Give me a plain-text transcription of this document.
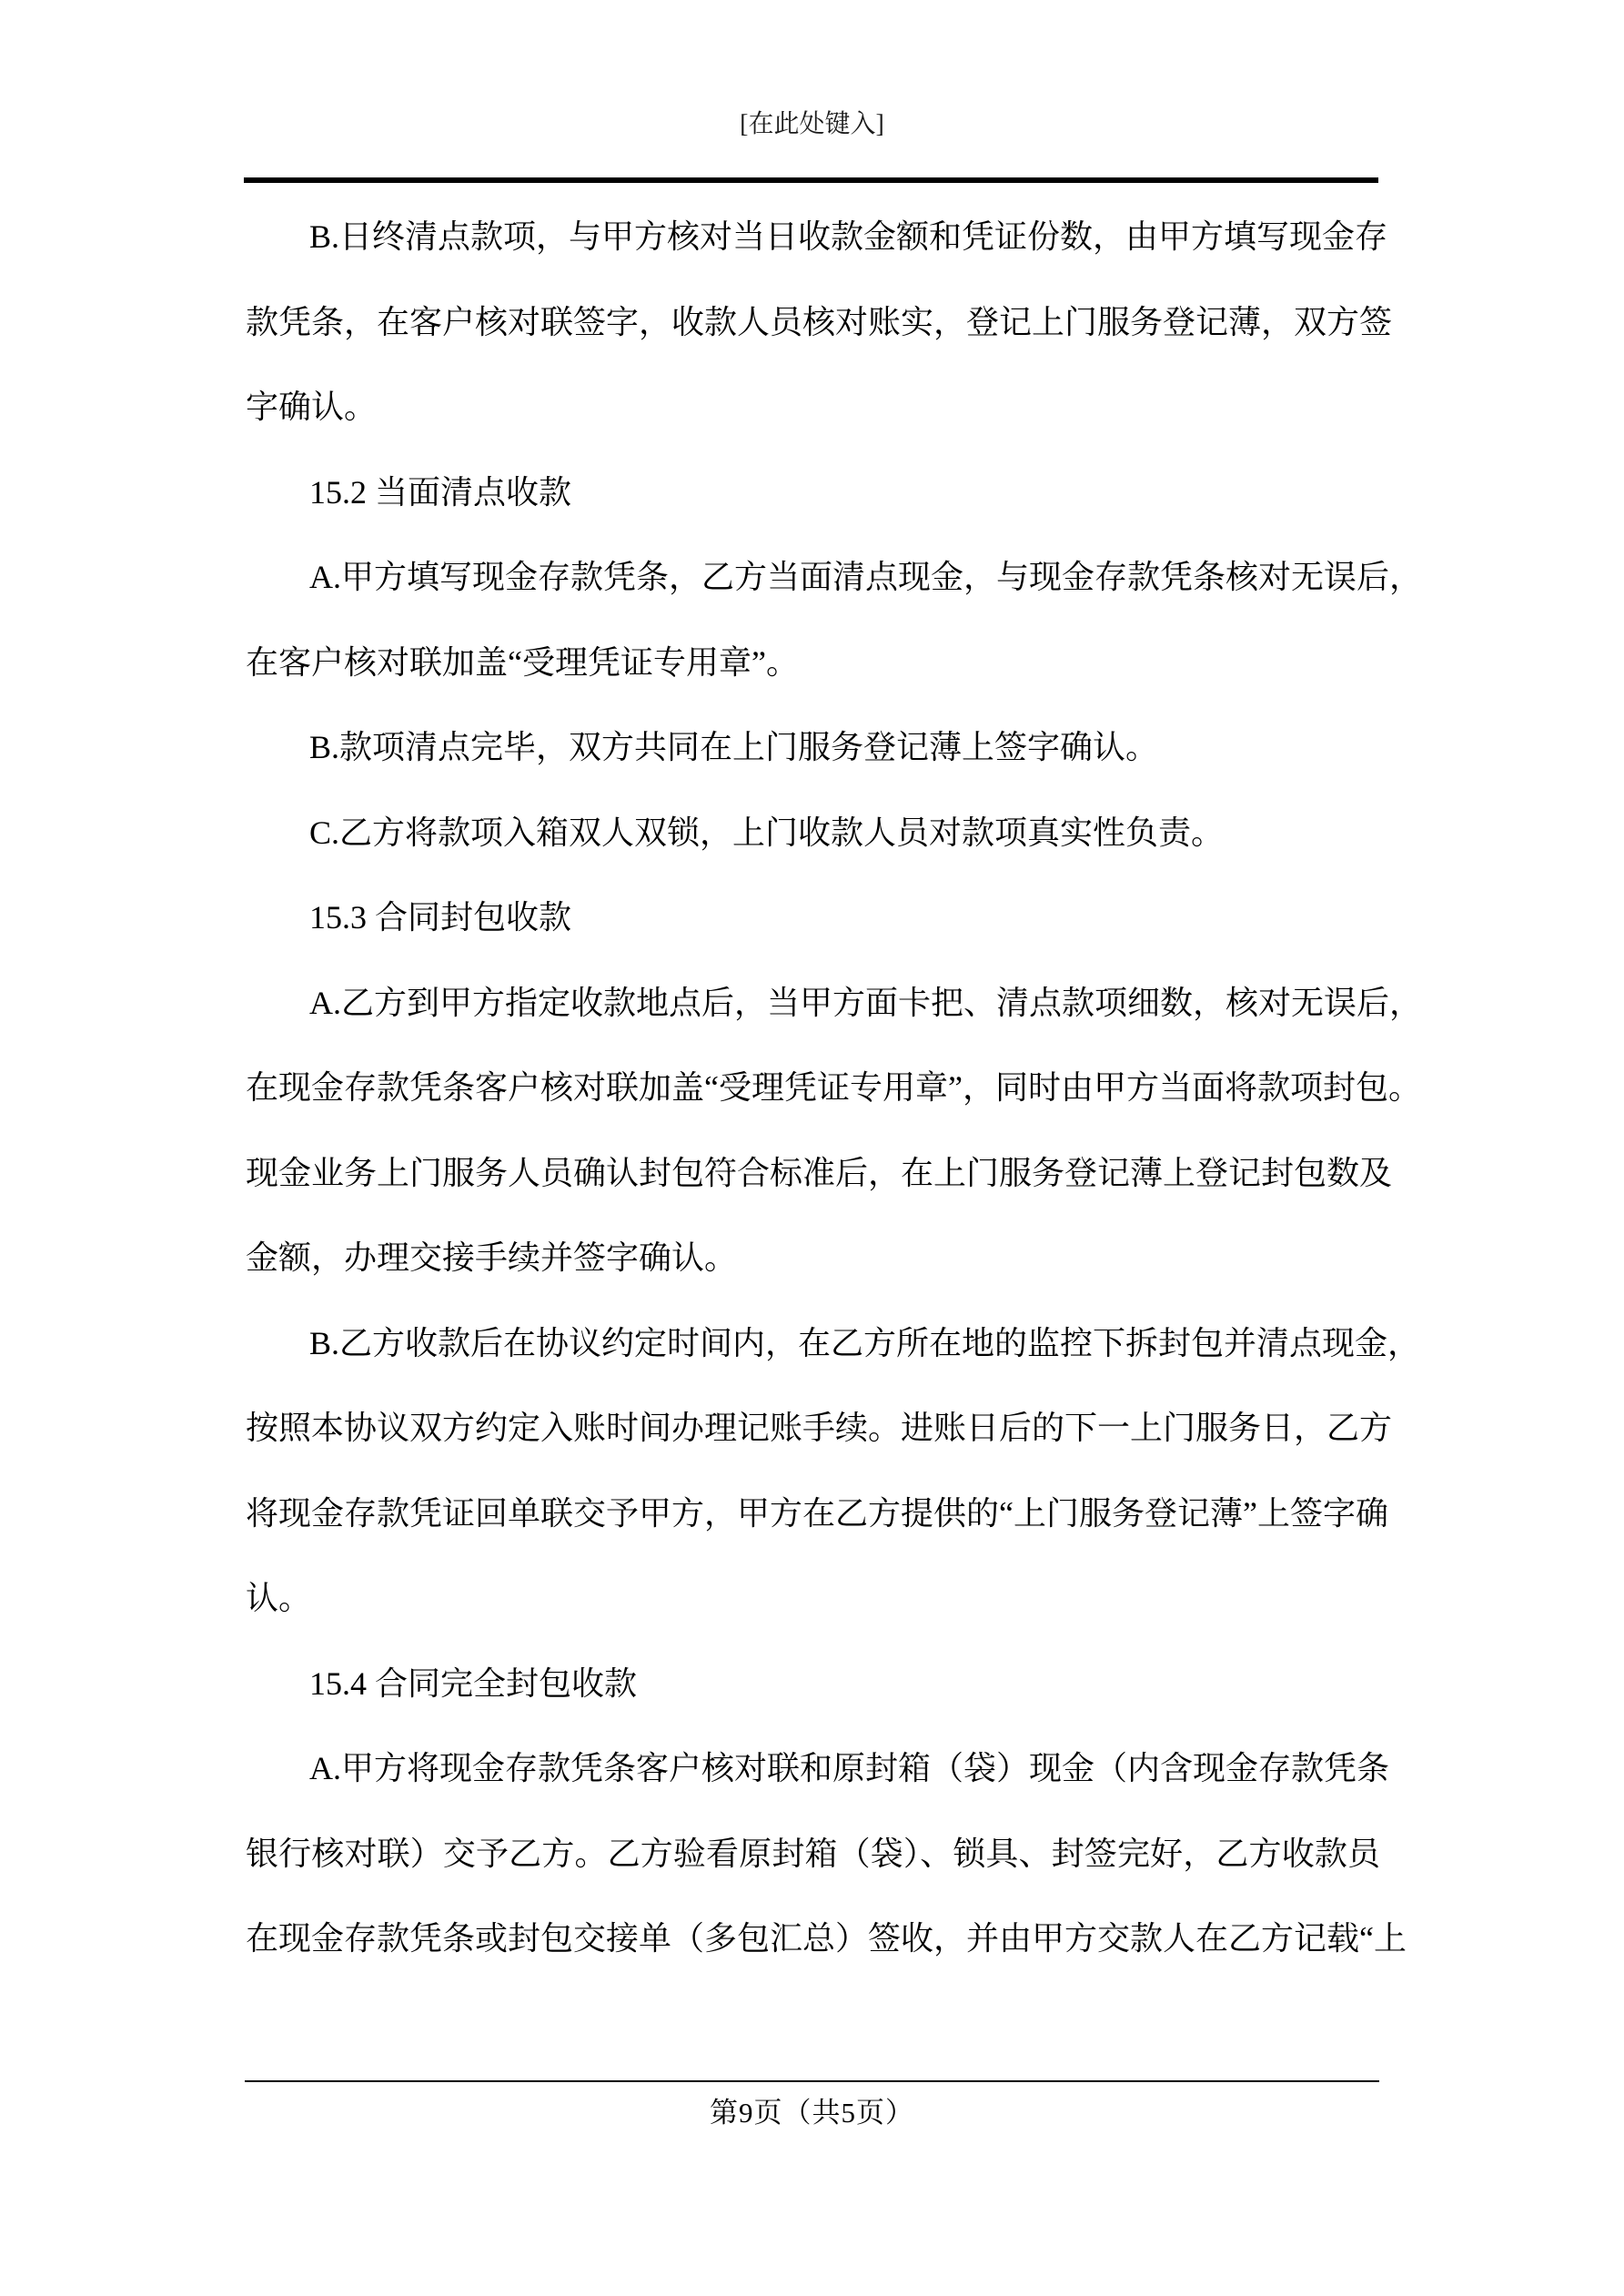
[在此处键入]
B.日终清点款项，与甲方核对当日收款金额和凭证份数，由甲方填写现金存
款凭条，在客户核对联签字，收款人员核对账实，登记上门服务登记薄，双方签
字确认。
15.2 当面清点收款
A.甲方填写现金存款凭条，乙方当面清点现金，与现金存款凭条核对无误后，
在客户核对联加盖“受理凭证专用章”。
B.款项清点完毕，双方共同在上门服务登记薄上签字确认。
C.乙方将款项入箱双人双锁，上门收款人员对款项真实性负责。
15.3 合同封包收款
A.乙方到甲方指定收款地点后，当甲方面卡把、清点款项细数，核对无误后，
在现金存款凭条客户核对联加盖“受理凭证专用章”，同时由甲方当面将款项封包。
现金业务上门服务人员确认封包符合标准后，在上门服务登记薄上登记封包数及
金额，办理交接手续并签字确认。
B.乙方收款后在协议约定时间内，在乙方所在地的监控下拆封包并清点现金，
按照本协议双方约定入账时间办理记账手续。进账日后的下一上门服务日，乙方
将现金存款凭证回单联交予甲方，甲方在乙方提供的“上门服务登记薄”上签字确
认。
15.4 合同完全封包收款
A.甲方将现金存款凭条客户核对联和原封箱（袋）现金（内含现金存款凭条
银行核对联）交予乙方。乙方验看原封箱（袋）、锁具、封签完好，乙方收款员
在现金存款凭条或封包交接单（多包汇总）签收，并由甲方交款人在乙方记载“上
第9页（共5页）
